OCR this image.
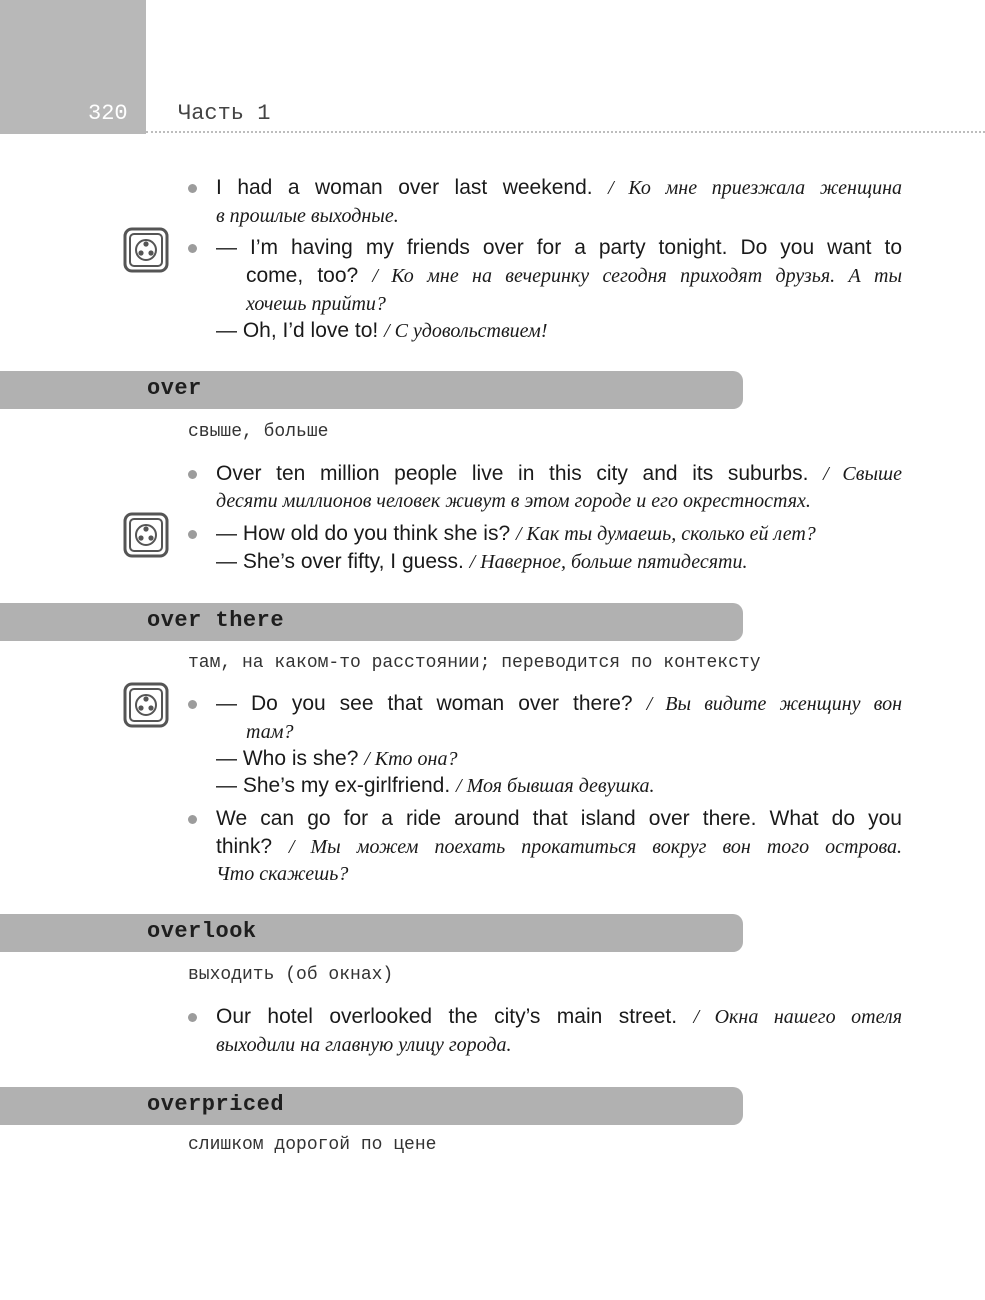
320 Часть 1
I had a woman over last weekend. / Ко мне приезжала женщина
в прошлые выходные.
— I’m having my friends over for a party tonight. Do you want to
come, too? / Ко мне на вечеринку сегодня приходят друзья. А ты
хочешь прийти?
— Oh, I’d love to! / С удовольствием!
over
свыше, больше
Over ten million people live in this city and its suburbs. / Свыше
десяти миллионов человек живут в этом городе и его окрестностях.
— How old do you think she is? / Как ты думаешь, сколько ей лет?
— She’s over fifty, I guess. / Наверное, больше пятидесяти.
over there
там, на каком-то расстоянии; переводится по контексту
— Do you see that woman over there? / Вы видите женщину вон
там?
— Who is she? / Кто она?
— She’s my ex-girlfriend. / Моя бывшая девушка.
We can go for a ride around that island over there. What do you
think? / Мы можем поехать прокатиться вокруг вон того острова.
Что скажешь?
overlook
выходить (об окнах)
Our hotel overlooked the city’s main street. / Окна нашего отеля
выходили на главную улицу города.
overpriced
слишком дорогой по цене
